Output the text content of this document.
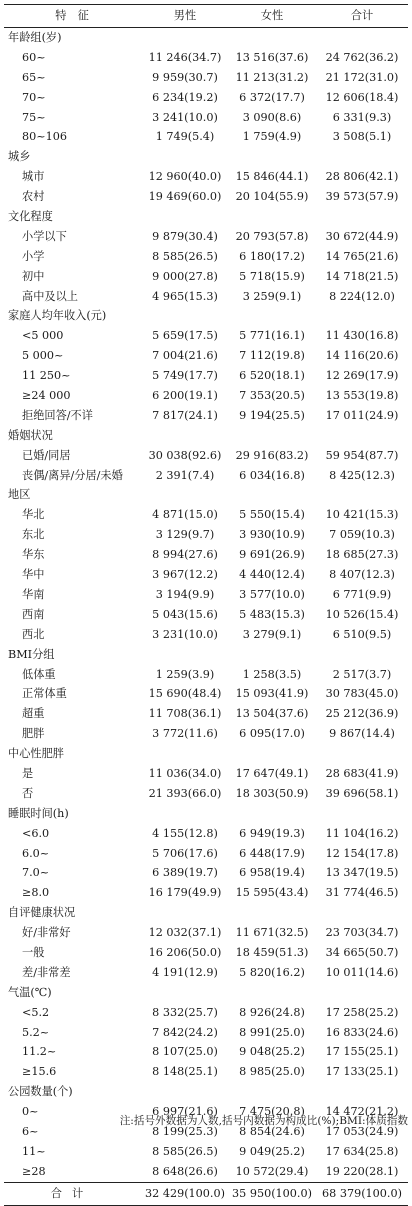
特　征	男性	女性	合计
年龄组(岁)
60~	11 246(34.7)	13 516(37.6)	24 762(36.2)
65~	9 959(30.7)	11 213(31.2)	21 172(31.0)
70~	6 234(19.2)	6 372(17.7)	12 606(18.4)
75~	3 241(10.0)	3 090(8.6)	6 331(9.3)
80~106	1 749(5.4)	1 759(4.9)	3 508(5.1)
城乡
城市	12 960(40.0)	15 846(44.1)	28 806(42.1)
农村	19 469(60.0)	20 104(55.9)	39 573(57.9)
文化程度
小学以下	9 879(30.4)	20 793(57.8)	30 672(44.9)
小学	8 585(26.5)	6 180(17.2)	14 765(21.6)
初中	9 000(27.8)	5 718(15.9)	14 718(21.5)
高中及以上	4 965(15.3)	3 259(9.1)	8 224(12.0)
家庭人均年收入(元)
<5 000	5 659(17.5)	5 771(16.1)	11 430(16.8)
5 000~	7 004(21.6)	7 112(19.8)	14 116(20.6)
11 250~	5 749(17.7)	6 520(18.1)	12 269(17.9)
≥24 000	6 200(19.1)	7 353(20.5)	13 553(19.8)
拒绝回答/不详	7 817(24.1)	9 194(25.5)	17 011(24.9)
婚姻状况
已婚/同居	30 038(92.6)	29 916(83.2)	59 954(87.7)
丧偶/离异/分居/未婚	2 391(7.4)	6 034(16.8)	8 425(12.3)
地区
华北	4 871(15.0)	5 550(15.4)	10 421(15.3)
东北	3 129(9.7)	3 930(10.9)	7 059(10.3)
华东	8 994(27.6)	9 691(26.9)	18 685(27.3)
华中	3 967(12.2)	4 440(12.4)	8 407(12.3)
华南	3 194(9.9)	3 577(10.0)	6 771(9.9)
西南	5 043(15.6)	5 483(15.3)	10 526(15.4)
西北	3 231(10.0)	3 279(9.1)	6 510(9.5)
BMI分组
低体重	1 259(3.9)	1 258(3.5)	2 517(3.7)
正常体重	15 690(48.4)	15 093(41.9)	30 783(45.0)
超重	11 708(36.1)	13 504(37.6)	25 212(36.9)
肥胖	3 772(11.6)	6 095(17.0)	9 867(14.4)
中心性肥胖
是	11 036(34.0)	17 647(49.1)	28 683(41.9)
否	21 393(66.0)	18 303(50.9)	39 696(58.1)
睡眠时间(h)
<6.0	4 155(12.8)	6 949(19.3)	11 104(16.2)
6.0~	5 706(17.6)	6 448(17.9)	12 154(17.8)
7.0~	6 389(19.7)	6 958(19.4)	13 347(19.5)
≥8.0	16 179(49.9)	15 595(43.4)	31 774(46.5)
自评健康状况
好/非常好	12 032(37.1)	11 671(32.5)	23 703(34.7)
一般	16 206(50.0)	18 459(51.3)	34 665(50.7)
差/非常差	4 191(12.9)	5 820(16.2)	10 011(14.6)
气温(℃)
<5.2	8 332(25.7)	8 926(24.8)	17 258(25.2)
5.2~	7 842(24.2)	8 991(25.0)	16 833(24.6)
11.2~	8 107(25.0)	9 048(25.2)	17 155(25.1)
≥15.6	8 148(25.1)	8 985(25.0)	17 133(25.1)
公园数量(个)
0~	6 997(21.6)	7 475(20.8)	14 472(21.2)
6~	8 199(25.3)	8 854(24.6)	17 053(24.9)
11~	8 585(26.5)	9 049(25.2)	17 634(25.8)
≥28	8 648(26.6)	10 572(29.4)	19 220(28.1)
合计	32 429(100.0) 35 950(100.0) 68 379(100.0)
注:括号外数据为人数,括号内数据为构成比(%);BMI:体质指数
